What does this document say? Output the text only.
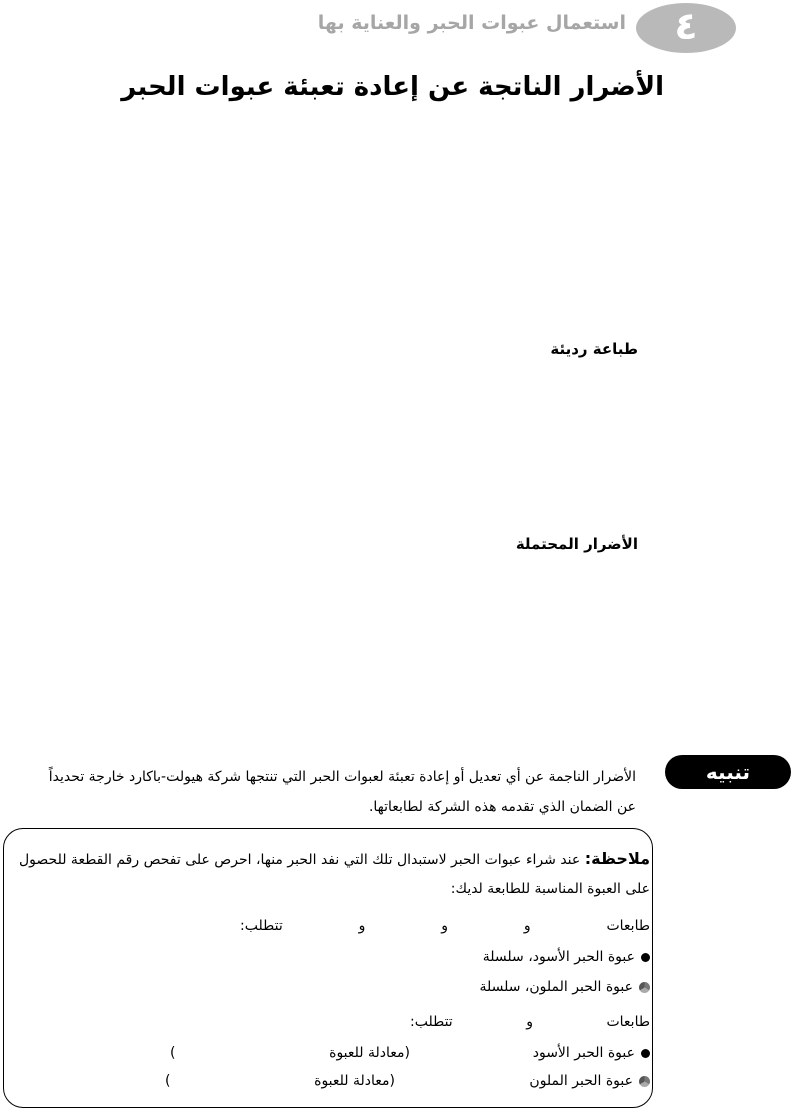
٤
استعمال عبوات الحبر والعناية بها
الأضرار الناتجة عن إعادة تعبئة عبوات الحبر
طباعة رديئة
الأضرار المحتملة
تنبيه
الأضرار الناجمة عن أي تعديل أو إعادة تعبئة لعبوات الحبر التي تنتجها شركة هيولت-باكارد خارجة تحديداً عن الضمان الذي تقدمه هذه الشركة لطابعاتها.
ملاحظة: عند شراء عبوات الحبر لاستبدال تلك التي نفد الحبر منها، احرص على تفحص رقم القطعة للحصول على العبوة المناسبة للطابعة لديك:
طابعات
و
و
و
تتطلب:
عبوة الحبر الأسود، سلسلة
عبوة الحبر الملون، سلسلة
طابعات
و
تتطلب:
عبوة الحبر الأسود
(معادلة للعبوة
)
عبوة الحبر الملون
(معادلة للعبوة
)
